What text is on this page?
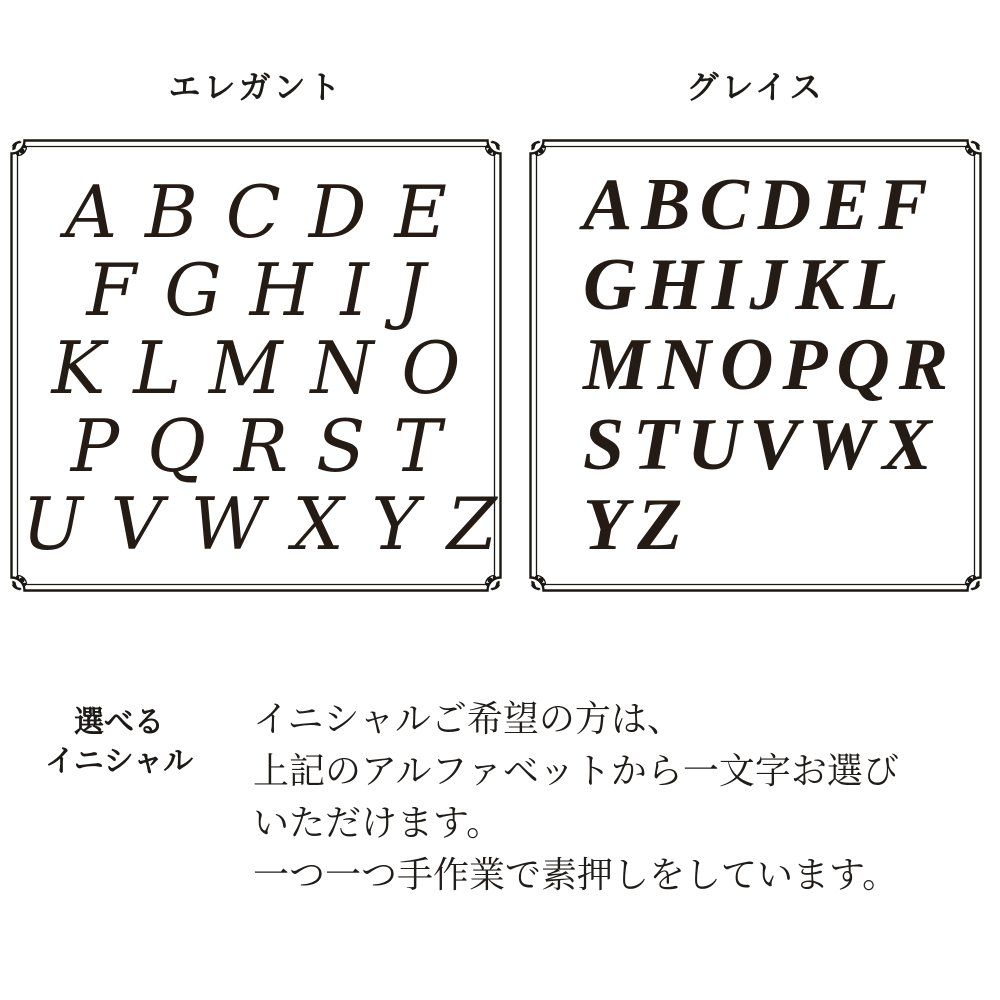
エレガント	グレイス
A B C D E
F G H I J
K L M N O
P Q R S T
U V W X Y Z
ABCDEF
GHIJKL
MNOPQR
STUVWX
YZ
選べる
イニシャル
イニシャルご希望の方は、
上記のアルファベットから一文字お選び
いただけます。
一つ一つ手作業で素押しをしています。
